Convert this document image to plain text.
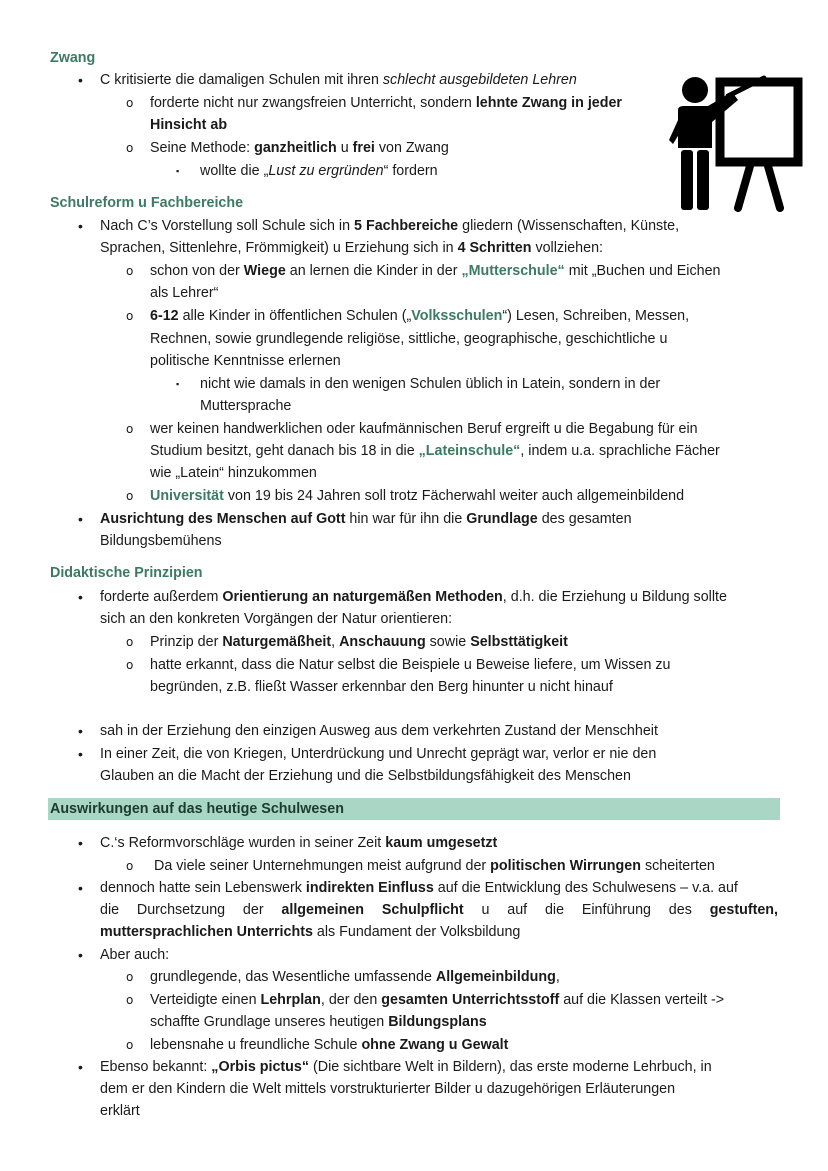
Zwang
• C kritisierte die damaligen Schulen mit ihren schlecht ausgebildeten Lehren
o forderte nicht nur zwangsfreien Unterricht, sondern lehnte Zwang in jeder
Hinsicht ab
o Seine Methode: ganzheitlich u frei von Zwang
▪ wollte die „Lust zu ergründen“ fordern
Schulreform u Fachbereiche
• Nach C’s Vorstellung soll Schule sich in 5 Fachbereiche gliedern (Wissenschaften, Künste,
Sprachen, Sittenlehre, Frömmigkeit) u Erziehung sich in 4 Schritten vollziehen:
o schon von der Wiege an lernen die Kinder in der „Mutterschule“ mit „Buchen und Eichen
als Lehrer“
o 6-12 alle Kinder in öffentlichen Schulen („Volksschulen“) Lesen, Schreiben, Messen,
Rechnen, sowie grundlegende religiöse, sittliche, geographische, geschichtliche u
politische Kenntnisse erlernen
▪ nicht wie damals in den wenigen Schulen üblich in Latein, sondern in der
Muttersprache
o wer keinen handwerklichen oder kaufmännischen Beruf ergreift u die Begabung für ein
Studium besitzt, geht danach bis 18 in die „Lateinschule“, indem u.a. sprachliche Fächer
wie „Latein“ hinzukommen
o Universität von 19 bis 24 Jahren soll trotz Fächerwahl weiter auch allgemeinbildend
• Ausrichtung des Menschen auf Gott hin war für ihn die Grundlage des gesamten
Bildungsbemühens
Didaktische Prinzipien
• forderte außerdem Orientierung an naturgemäßen Methoden, d.h. die Erziehung u Bildung sollte
sich an den konkreten Vorgängen der Natur orientieren:
o Prinzip der Naturgemäßheit, Anschauung sowie Selbsttätigkeit
o hatte erkannt, dass die Natur selbst die Beispiele u Beweise liefere, um Wissen zu
begründen, z.B. fließt Wasser erkennbar den Berg hinunter u nicht hinauf
• sah in der Erziehung den einzigen Ausweg aus dem verkehrten Zustand der Menschheit
• In einer Zeit, die von Kriegen, Unterdrückung und Unrecht geprägt war, verlor er nie den
Glauben an die Macht der Erziehung und die Selbstbildungsfähigkeit des Menschen
Auswirkungen auf das heutige Schulwesen
• C.‘s Reformvorschläge wurden in seiner Zeit kaum umgesetzt
o Da viele seiner Unternehmungen meist aufgrund der politischen Wirrungen scheiterten
• dennoch hatte sein Lebenswerk indirekten Einfluss auf die Entwicklung des Schulwesens – v.a. auf
die Durchsetzung der allgemeinen Schulpflicht u auf die Einführung des gestuften,
muttersprachlichen Unterrichts als Fundament der Volksbildung
• Aber auch:
o grundlegende, das Wesentliche umfassende Allgemeinbildung,
o Verteidigte einen Lehrplan, der den gesamten Unterrichtsstoff auf die Klassen verteilt ->
schaffte Grundlage unseres heutigen Bildungsplans
o lebensnahe u freundliche Schule ohne Zwang u Gewalt
• Ebenso bekannt: „Orbis pictus“ (Die sichtbare Welt in Bildern), das erste moderne Lehrbuch, in
dem er den Kindern die Welt mittels vorstrukturierter Bilder u dazugehörigen Erläuterungen
erklärt
